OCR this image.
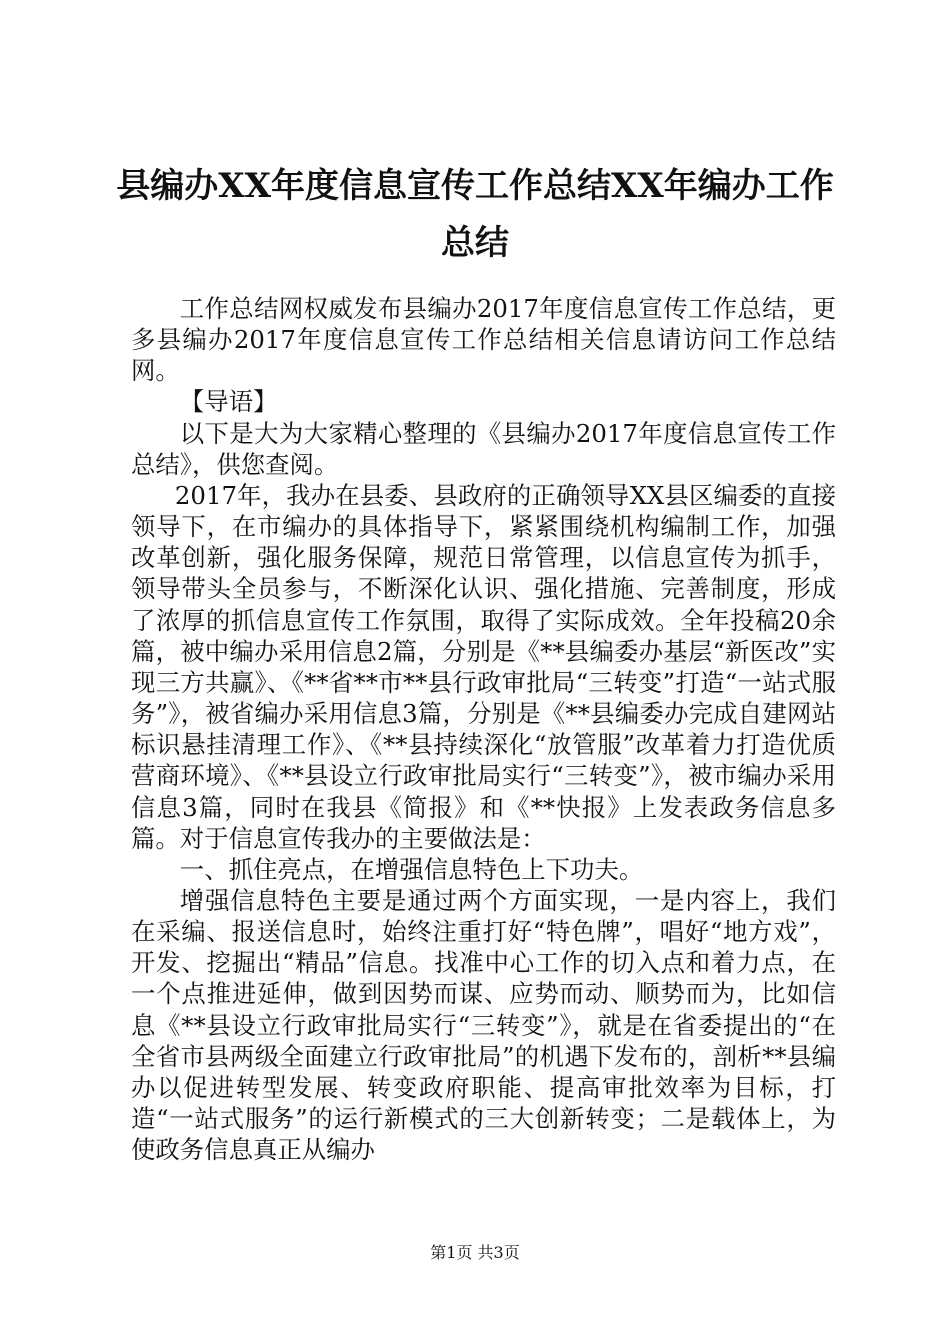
县编办XX年度信息宣传工作总结XX年编办工作总结

工作总结网权威发布县编办2017年度信息宣传工作总结，更多县编办2017年度信息宣传工作总结相关信息请访问工作总结网。

【导语】

以下是大为大家精心整理的《县编办2017年度信息宣传工作总结》，供您查阅。

2017年，我办在县委、县政府的正确领导XX县区编委的直接领导下，在市编办的具体指导下，紧紧围绕机构编制工作，加强改革创新，强化服务保障，规范日常管理，以信息宣传为抓手，领导带头全员参与，不断深化认识、强化措施、完善制度，形成了浓厚的抓信息宣传工作氛围，取得了实际成效。全年投稿20余篇，被中编办采用信息2篇，分别是《**县编委办基层“新医改”实现三方共赢》、《**省**市**县行政审批局“三转变”打造“一站式服务”》，被省编办采用信息3篇，分别是《**县编委办完成自建网站标识悬挂清理工作》、《**县持续深化“放管服”改革着力打造优质营商环境》、《**县设立行政审批局实行“三转变”》，被市编办采用信息3篇，同时在我县《简报》和《**快报》上发表政务信息多篇。对于信息宣传我办的主要做法是：

一、抓住亮点，在增强信息特色上下功夫。

增强信息特色主要是通过两个方面实现，一是内容上，我们在采编、报送信息时，始终注重打好“特色牌”，唱好“地方戏”，开发、挖掘出“精品”信息。找准中心工作的切入点和着力点，在一个点推进延伸，做到因势而谋、应势而动、顺势而为，比如信息《**县设立行政审批局实行“三转变”》，就是在省委提出的“在全省市县两级全面建立行政审批局”的机遇下发布的，剖析**县编办以促进转型发展、转变政府职能、提高审批效率为目标，打造“一站式服务”的运行新模式的三大创新转变；二是载体上，为使政务信息真正从编办

第1页 共3页
